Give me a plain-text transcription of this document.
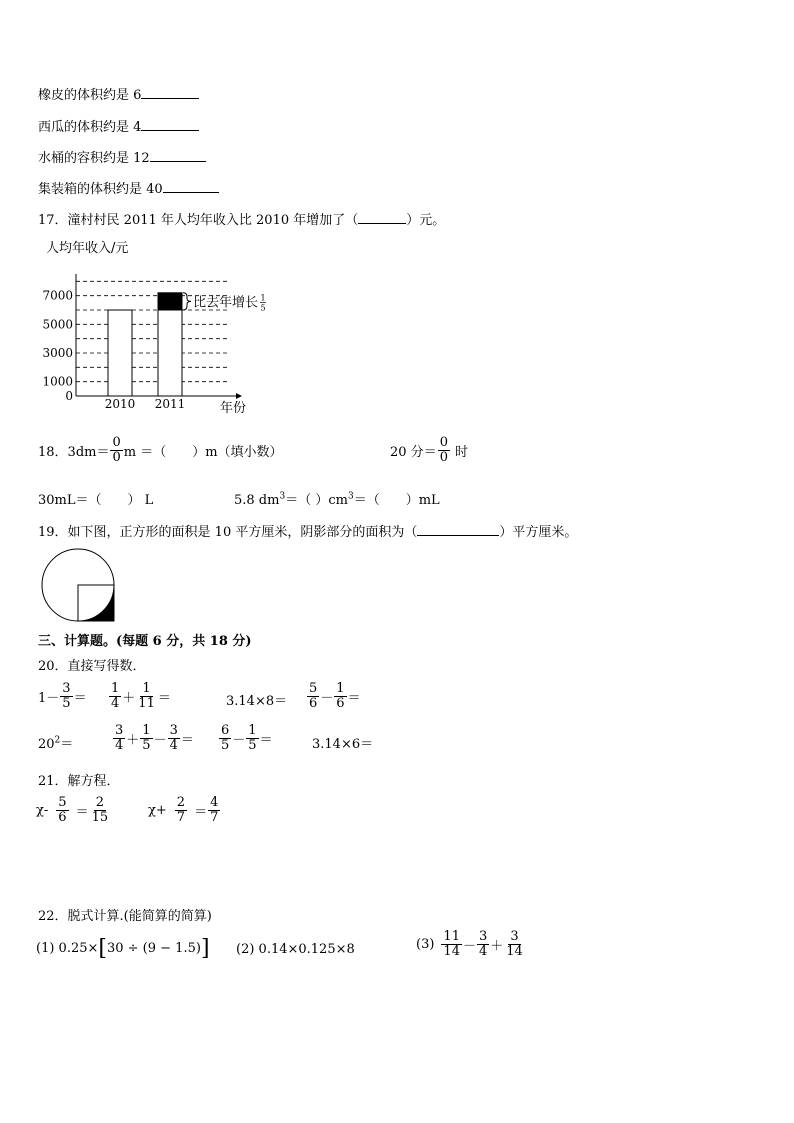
橡皮的体积约是 6
西瓜的体积约是 4
水桶的容积约是 12
集装箱的体积约是 40
17．潼村村民 2011 年人均年收入比 2010 年增加了（	）元。
0
1000
3000
5000
7000
人均年收入/元
年份
2010 2011
比去年增长 1
5
18．$3dm= \frac{0}{0}$ m ＝（　　）m（填小数）	20 分＝ $\frac{0}{0}$ 时
30mL＝（　　） L	5.8 $dm^3=$（ ）$cm^3=$（　　）mL
19．如下图，正方形的面积是 10 平方厘米，阴影部分的面积为（	）平方厘米。
三、计算题。(每题 6 分，共 18 分)
20．直接写得数．
$1- \frac{3}{5} = \frac{1}{4} + \frac{1}{11}$ ＝	$3.14\times 8= \frac{5}{6} - \frac{1}{6}$ ＝
$20^2=$	$\frac{3}{4} + \frac{1}{5} - \frac{3}{4} = \frac{6}{5} - \frac{1}{5}$ ＝	3.14×6＝
21．解方程．
$\chi- \frac{5}{6} = \frac{2}{15}$	$\chi+ \frac{2}{7} = \frac{4}{7}$
22．脱式计算.(能简算的简算)
(1) 0.25× [ 30 ÷ (9 − 1.5) ] (2) 0.14×0.125×8	$(3) \frac{11}{14} - \frac{3}{4} + \frac{3}{14}$
